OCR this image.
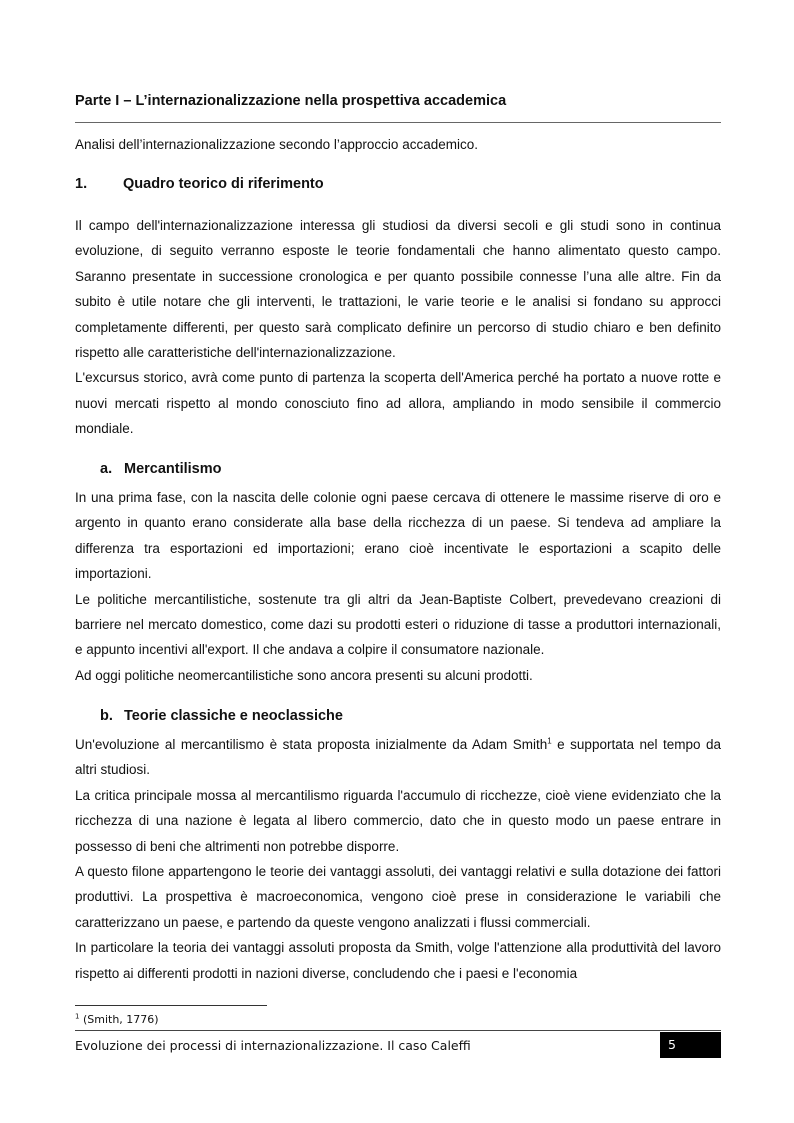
Parte I – L’internazionalizzazione nella prospettiva accademica

Analisi dell’internazionalizzazione secondo l’approccio accademico.

1. Quadro teorico di riferimento

Il campo dell'internazionalizzazione interessa gli studiosi da diversi secoli e gli studi sono in continua evoluzione, di seguito verranno esposte le teorie fondamentali che hanno alimentato questo campo. Saranno presentate in successione cronologica e per quanto possibile connesse l’una alle altre. Fin da subito è utile notare che gli interventi, le trattazioni, le varie teorie e le analisi si fondano su approcci completamente differenti, per questo sarà complicato definire un percorso di studio chiaro e ben definito rispetto alle caratteristiche dell'internazionalizzazione.

L'excursus storico, avrà come punto di partenza la scoperta dell'America perché ha portato a nuove rotte e nuovi mercati rispetto al mondo conosciuto fino ad allora, ampliando in modo sensibile il commercio mondiale.

a. Mercantilismo

In una prima fase, con la nascita delle colonie ogni paese cercava di ottenere le massime riserve di oro e argento in quanto erano considerate alla base della ricchezza di un paese. Si tendeva ad ampliare la differenza tra esportazioni ed importazioni; erano cioè incentivate le esportazioni a scapito delle importazioni.

Le politiche mercantilistiche, sostenute tra gli altri da Jean-Baptiste Colbert, prevedevano creazioni di barriere nel mercato domestico, come dazi su prodotti esteri o riduzione di tasse a produttori internazionali, e appunto incentivi all'export. Il che andava a colpire il consumatore nazionale.

Ad oggi politiche neomercantilistiche sono ancora presenti su alcuni prodotti.

b. Teorie classiche e neoclassiche

Un'evoluzione al mercantilismo è stata proposta inizialmente da Adam Smith$^1$ e supportata nel tempo da altri studiosi.

La critica principale mossa al mercantilismo riguarda l'accumulo di ricchezze, cioè viene evidenziato che la ricchezza di una nazione è legata al libero commercio, dato che in questo modo un paese entrare in possesso di beni che altrimenti non potrebbe disporre.

A questo filone appartengono le teorie dei vantaggi assoluti, dei vantaggi relativi e sulla dotazione dei fattori produttivi. La prospettiva è macroeconomica, vengono cioè prese in considerazione le variabili che caratterizzano un paese, e partendo da queste vengono analizzati i flussi commerciali.

In particolare la teoria dei vantaggi assoluti proposta da Smith, volge l'attenzione alla produttività del lavoro rispetto ai differenti prodotti in nazioni diverse, concludendo che i paesi e l'economia

$^1$ (Smith, 1776)

Evoluzione dei processi di internazionalizzazione. Il caso Caleffi	5
